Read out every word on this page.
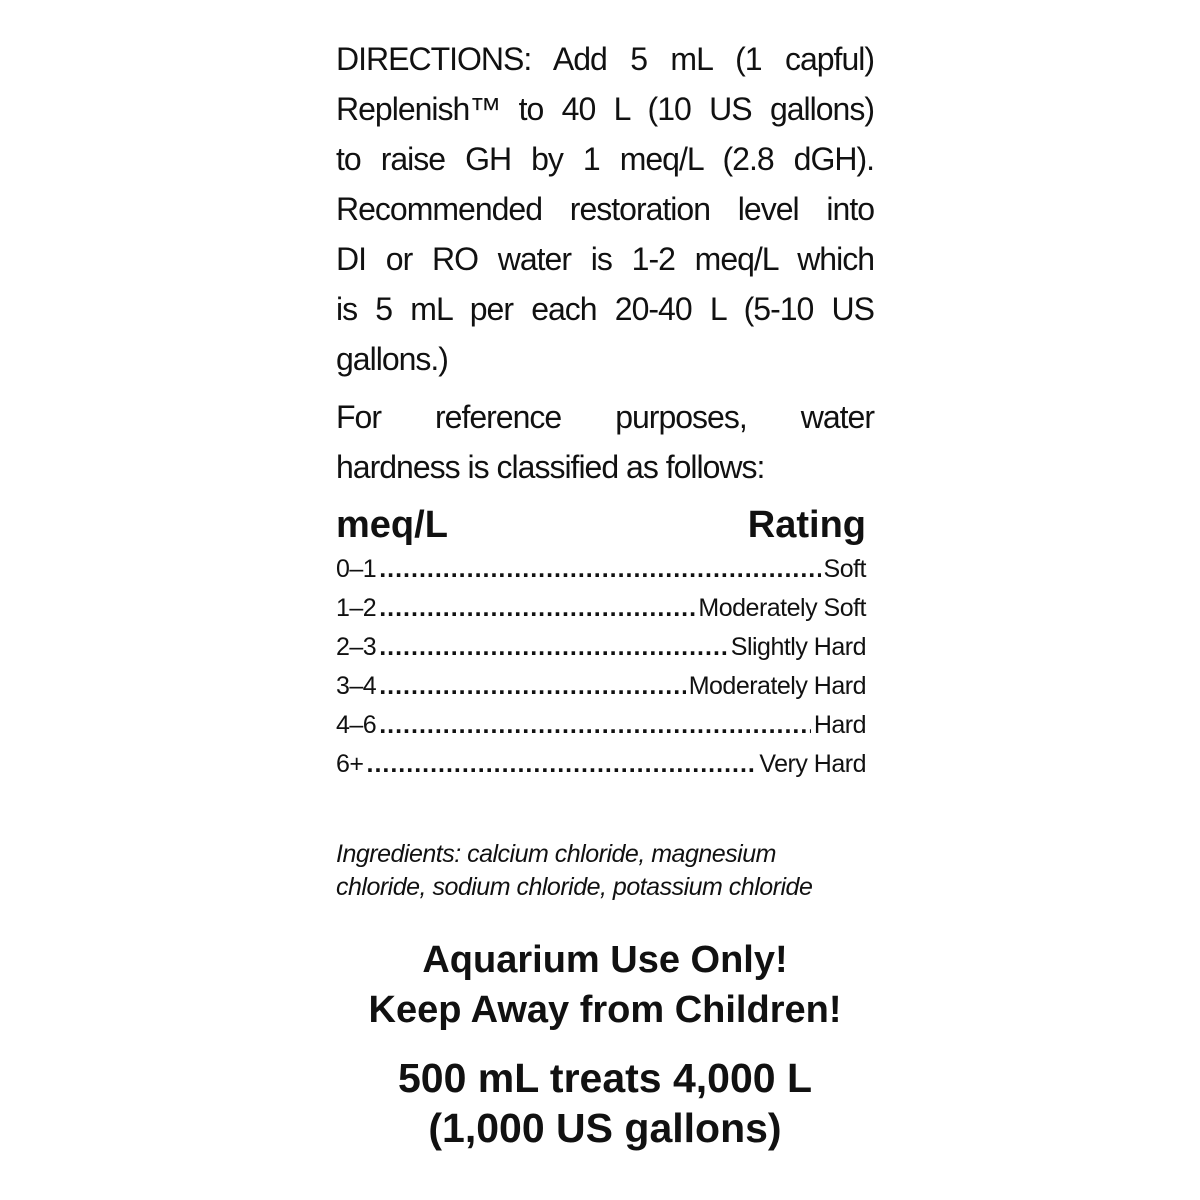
DIRECTIONS: Add 5 mL (1 capful)
Replenish™ to 40 L (10 US gallons)
to raise GH by 1 meq/L (2.8 dGH).
Recommended restoration level into
DI or RO water is 1-2 meq/L which
is 5 mL per each 20-40 L (5-10 US
gallons.)
For reference purposes, water
hardness is classified as follows:
meq/L	Rating
0–1 .....	Soft
1–2 .....	Moderately Soft
2–3 .....	Slightly Hard
3–4 .....	Moderately Hard
4–6 .....	Hard
6+ .....	Very Hard
Ingredients: calcium chloride, magnesium
chloride, sodium chloride, potassium chloride
Aquarium Use Only!
Keep Away from Children!
500 mL treats 4,000 L
(1,000 US gallons)
